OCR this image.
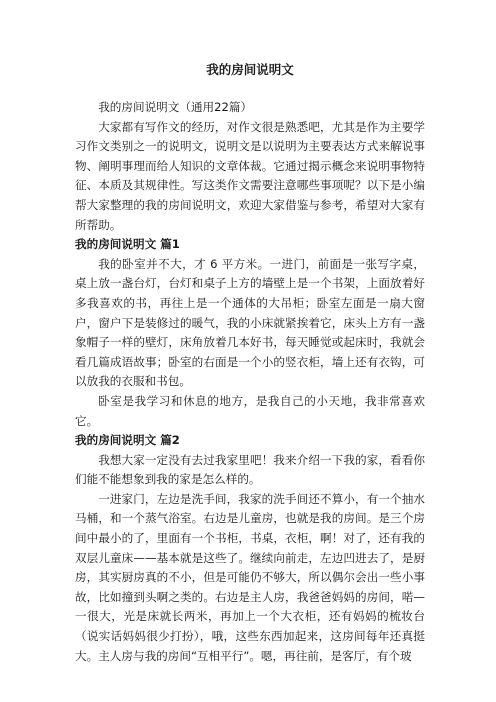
我的房间说明文

我的房间说明文（通用22篇）

大家都有写作文的经历，对作文很是熟悉吧，尤其是作为主要学习作文类别之一的说明文，说明文是以说明为主要表达方式来解说事物、阐明事理而给人知识的文章体裁。它通过揭示概念来说明事物特征、本质及其规律性。写这类作文需要注意哪些事项呢？以下是小编帮大家整理的我的房间说明文，欢迎大家借鉴与参考，希望对大家有所帮助。

我的房间说明文 篇1

我的卧室并不大，才 6 平方米。一进门，前面是一张写字桌，桌上放一盏台灯，台灯和桌子上方的墙壁上是一个书架，上面放着好多我喜欢的书，再往上是一个通体的大吊柜；卧室左面是一扇大窗户，窗户下是装修过的暖气，我的小床就紧挨着它，床头上方有一盏象帽子一样的壁灯，床角放着几本好书，每天睡觉或起床时，我就会看几篇成语故事；卧室的右面是一个小的竖衣柜，墙上还有衣钩，可以放我的衣服和书包。

卧室是我学习和休息的地方，是我自己的小天地，我非常喜欢它。

我的房间说明文 篇2

我想大家一定没有去过我家里吧！我来介绍一下我的家，看看你们能不能想象到我的家是怎么样的。

一进家门，左边是洗手间，我家的洗手间还不算小，有一个抽水马桶，和一个蒸气浴室。右边是儿童房，也就是我的房间。是三个房间中最小的了，里面有一个书柜，书桌，衣柜，啊！对了，还有我的双层儿童床——基本就是这些了。继续向前走，左边凹进去了，是厨房，其实厨房真的不小，但是可能仍不够大，所以偶尔会出一些小事故，比如撞到头啊之类的。右边是主人房，我爸爸妈妈的房间，喏—一很大，光是床就长两米，再加上一个大衣柜，还有妈妈的梳妆台（说实话妈妈很少打扮），哦，这些东西加起来，这房间每年还真挺大。主人房与我的房间“互相平行”。嗯，再往前，是客厅，有个玻
